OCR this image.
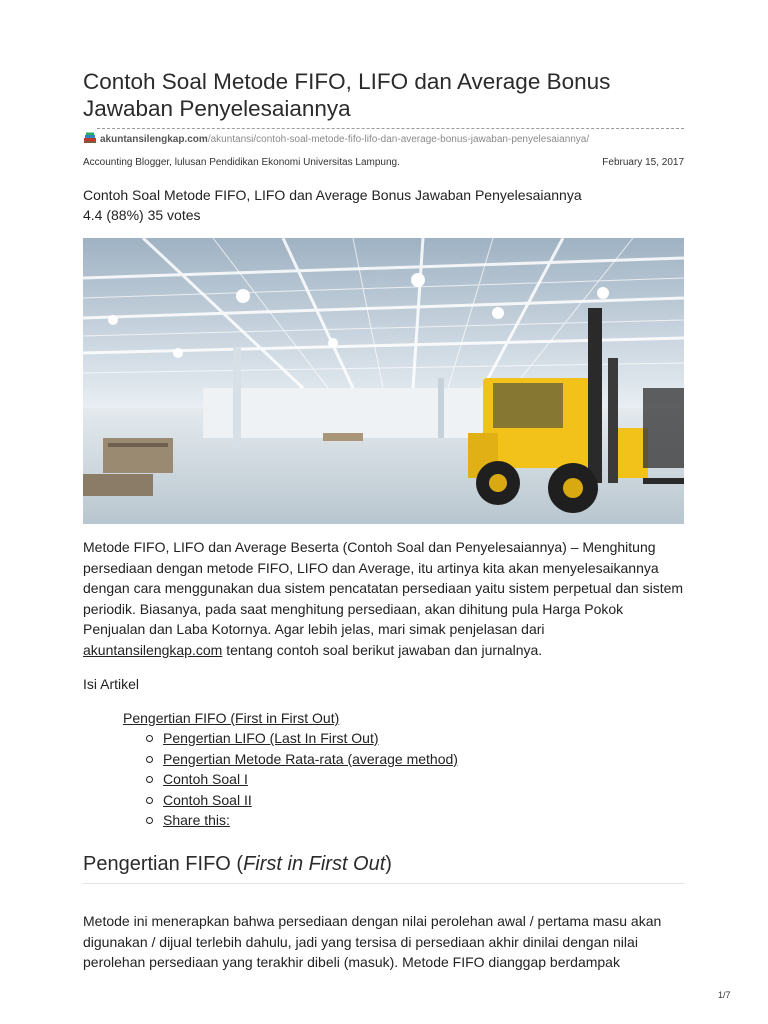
Contoh Soal Metode FIFO, LIFO dan Average Bonus Jawaban Penyelesaiannya
akuntansilengkap.com/akuntansi/contoh-soal-metode-fifo-lifo-dan-average-bonus-jawaban-penyelesaiannya/
Accounting Blogger, lulusan Pendidikan Ekonomi Universitas Lampung.	February 15, 2017
Contoh Soal Metode FIFO, LIFO dan Average Bonus Jawaban Penyelesaiannya
4.4 (88%) 35 votes

Metode FIFO, LIFO dan Average Beserta (Contoh Soal dan Penyelesaiannya) – Menghitung persediaan dengan metode FIFO, LIFO dan Average, itu artinya kita akan menyelesaikannya dengan cara menggunakan dua sistem pencatatan persediaan yaitu sistem perpetual dan sistem periodik. Biasanya, pada saat menghitung persediaan, akan dihitung pula Harga Pokok Penjualan dan Laba Kotornya. Agar lebih jelas, mari simak penjelasan dari akuntansilengkap.com tentang contoh soal berikut jawaban dan jurnalnya.

Isi Artikel
Pengertian FIFO (First in First Out)
Pengertian LIFO (Last In First Out)
Pengertian Metode Rata-rata (average method)
Contoh Soal I
Contoh Soal II
Share this:
Pengertian FIFO (First in First Out)

Metode ini menerapkan bahwa persediaan dengan nilai perolehan awal / pertama masu akan digunakan / dijual terlebih dahulu, jadi yang tersisa di persediaan akhir dinilai dengan nilai perolehan persediaan yang terakhir dibeli (masuk). Metode FIFO dianggap berdampak

1/7
